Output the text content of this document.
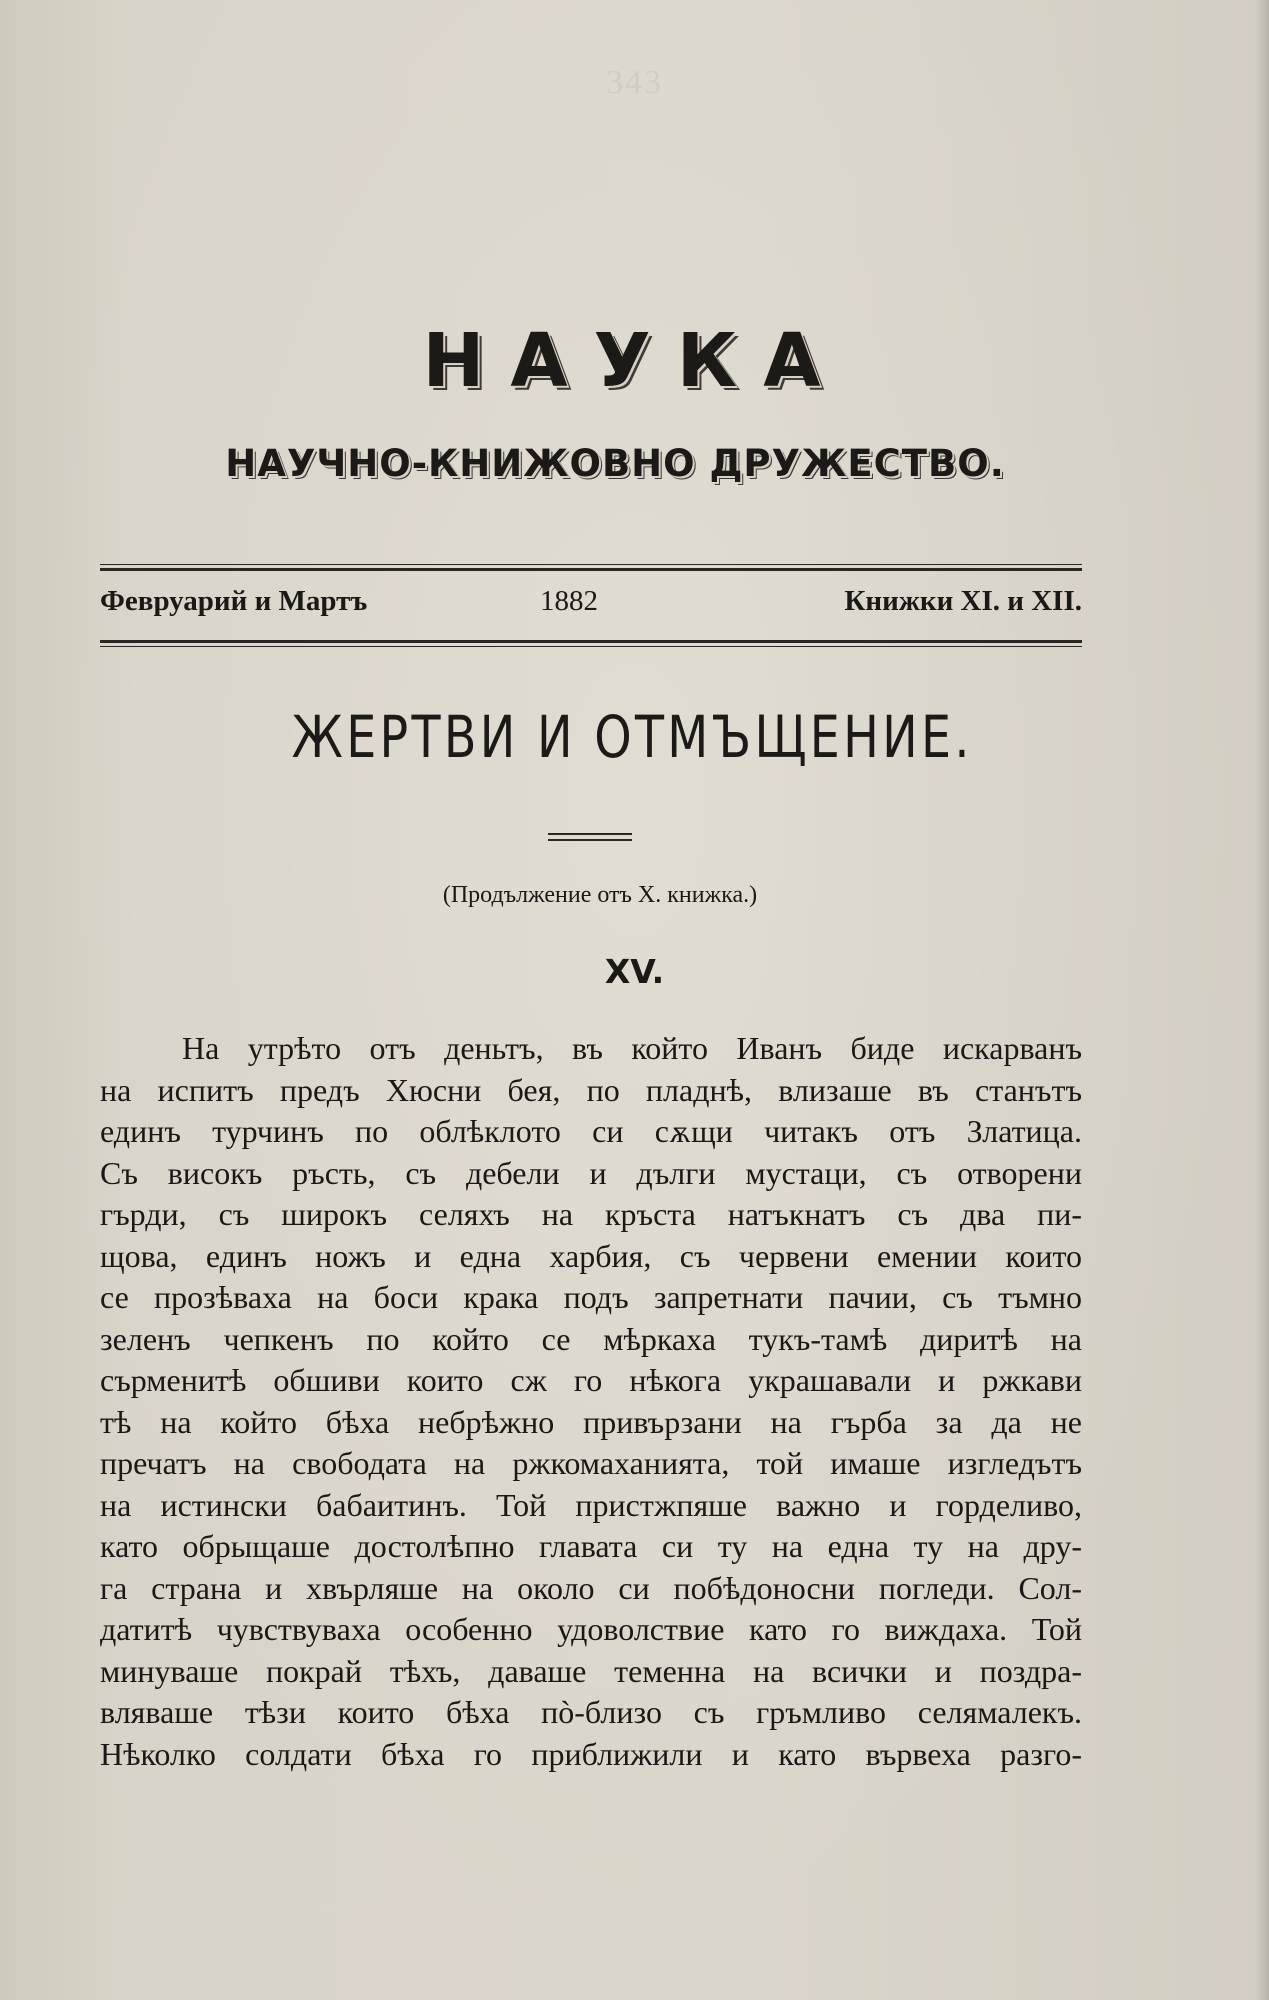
343
НАУКА
НАУЧНО-КНИЖОВНО ДРУЖЕСТВО.
Февруарий и Мартъ	1882	Книжки XI. и XII.
ЖЕРТВИ И ОТМЪЩЕНИЕ.
(Продължение отъ X. книжка.)
XV.
На утрѣто отъ деньтъ, въ който Иванъ биде искарванъ
на испитъ предъ Хюсни бея, по пладнѣ, влизаше въ станътъ
единъ турчинъ по облѣклото си сѫщи читакъ отъ Златица.
Съ високъ ръсть, съ дебели и дълги мустаци, съ отворени
гърди, съ широкъ селяхъ на кръста натъкнатъ съ два пи-
щова, единъ ножъ и една харбия, съ червени емении които
се прозѣваха на боси крака подъ запретнати пачии, съ тъмно
зеленъ чепкенъ по който се мѣркаха тукъ-тамѣ диритѣ на
сърменитѣ обшиви които сж го нѣкога украшавали и ржкави
тѣ на който бѣха небрѣжно привързани на гърба за да не
пречатъ на свободата на ржкомаханията, той имаше изгледътъ
на истински бабаитинъ. Той пристжпяше важно и горделиво,
като обрыщаше достолѣпно главата си ту на една ту на дру-
га страна и хвърляше на около си побѣдоносни погледи. Сол-
датитѣ чувствуваха особенно удоволствие като го виждаха. Той
минуваше покрай тѣхъ, даваше теменна на всички и поздра-
вляваше тѣзи които бѣха пò-близо съ гръмливо селямалекъ.
Нѣколко солдати бѣха го приближили и като вървеха разго-
